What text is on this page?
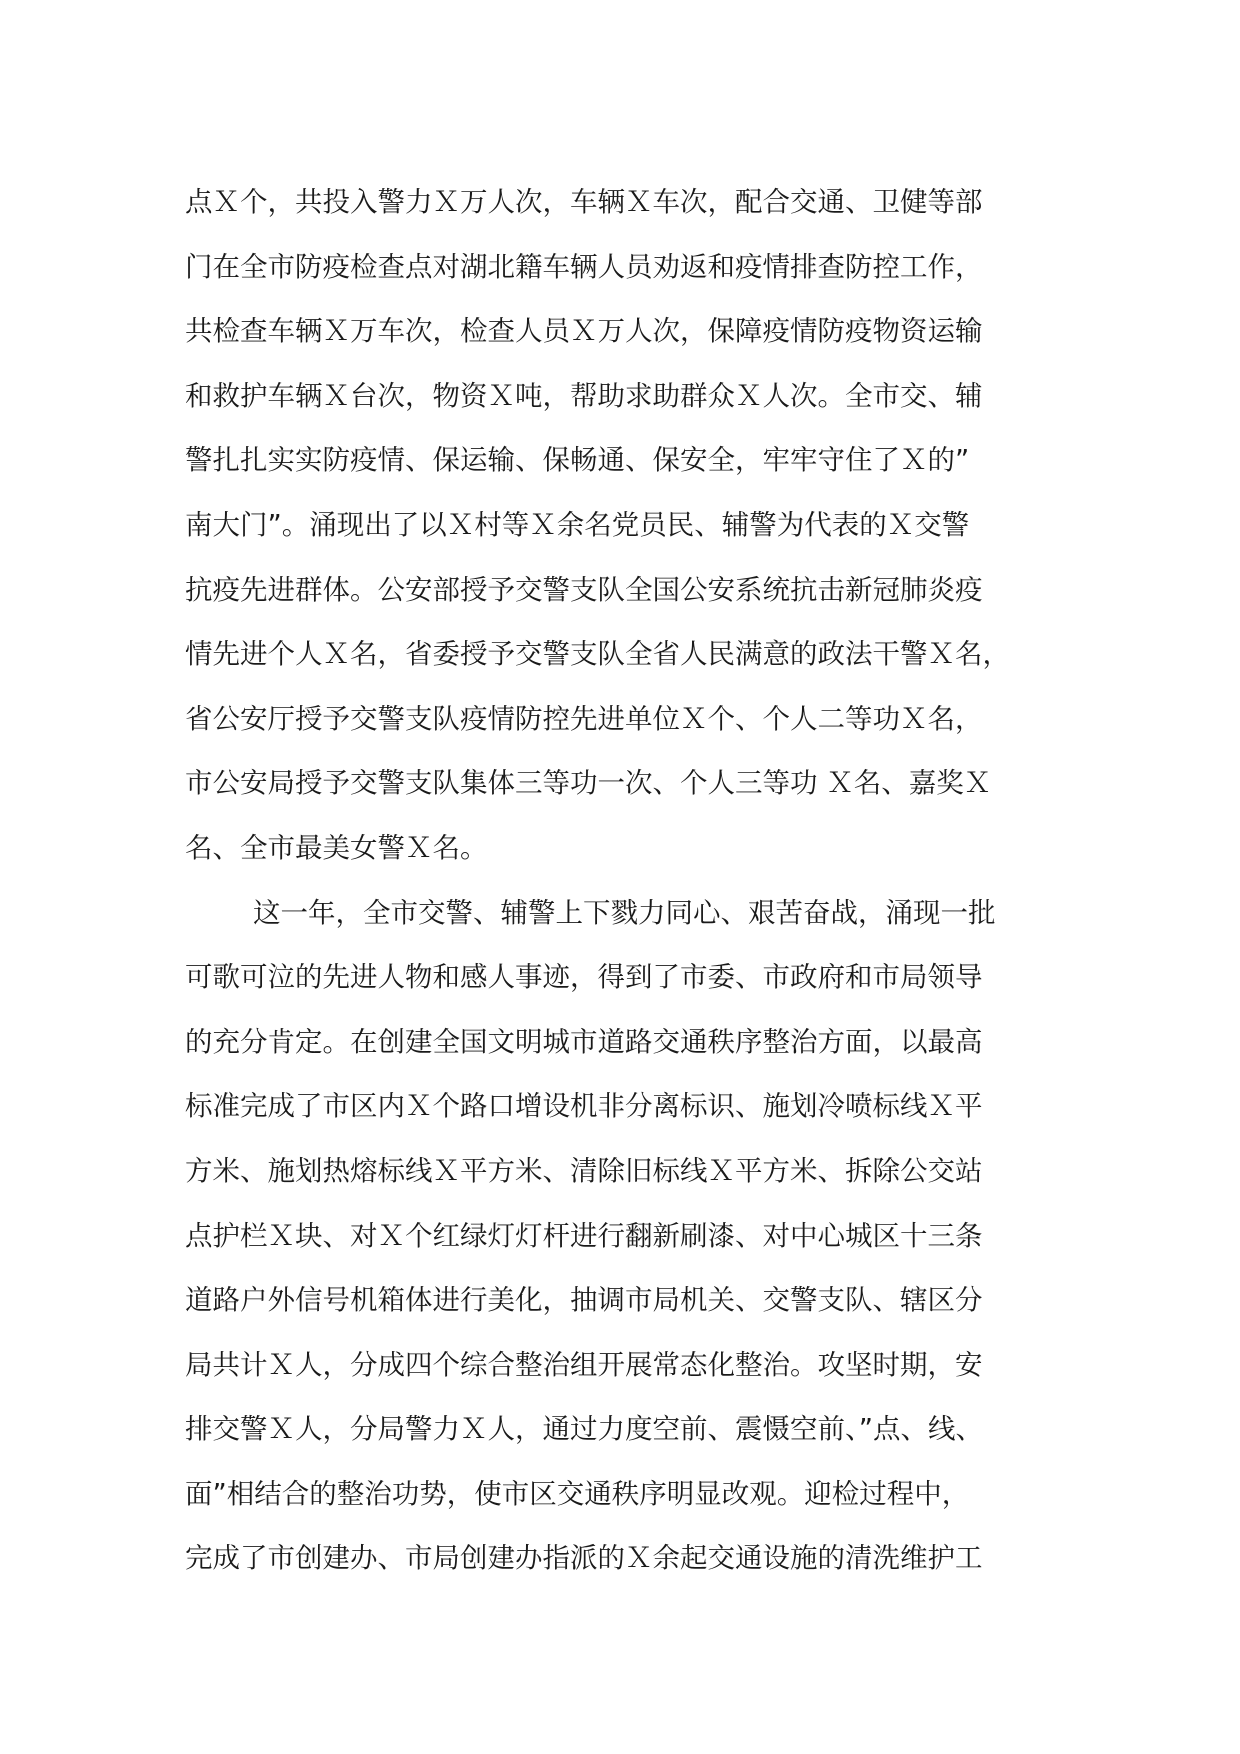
点Ｘ个，共投入警力Ｘ万人次，车辆Ｘ车次，配合交通、卫健等部
门在全市防疫检查点对湖北籍车辆人员劝返和疫情排查防控工作，
共检查车辆Ｘ万车次，检查人员Ｘ万人次，保障疫情防疫物资运输
和救护车辆Ｘ台次，物资Ｘ吨，帮助求助群众Ｘ人次。全市交、辅
警扎扎实实防疫情、保运输、保畅通、保安全，牢牢守住了Ｘ的”
南大门”。涌现出了以Ｘ村等Ｘ余名党员民、辅警为代表的Ｘ交警
抗疫先进群体。公安部授予交警支队全国公安系统抗击新冠肺炎疫
情先进个人Ｘ名，省委授予交警支队全省人民满意的政法干警Ｘ名，
省公安厅授予交警支队疫情防控先进单位Ｘ个、个人二等功Ｘ名，
市公安局授予交警支队集体三等功一次、个人三等功 Ｘ名、嘉奖Ｘ
名、全市最美女警Ｘ名。
这一年，全市交警、辅警上下戮力同心、艰苦奋战，涌现一批
可歌可泣的先进人物和感人事迹，得到了市委、市政府和市局领导
的充分肯定。在创建全国文明城市道路交通秩序整治方面，以最高
标准完成了市区内Ｘ个路口增设机非分离标识、施划冷喷标线Ｘ平
方米、施划热熔标线Ｘ平方米、清除旧标线Ｘ平方米、拆除公交站
点护栏Ｘ块、对Ｘ个红绿灯灯杆进行翻新刷漆、对中心城区十三条
道路户外信号机箱体进行美化，抽调市局机关、交警支队、辖区分
局共计Ｘ人，分成四个综合整治组开展常态化整治。攻坚时期，安
排交警Ｘ人，分局警力Ｘ人，通过力度空前、震慑空前、”点、线、
面”相结合的整治功势，使市区交通秩序明显改观。迎检过程中，
完成了市创建办、市局创建办指派的Ｘ余起交通设施的清洗维护工
